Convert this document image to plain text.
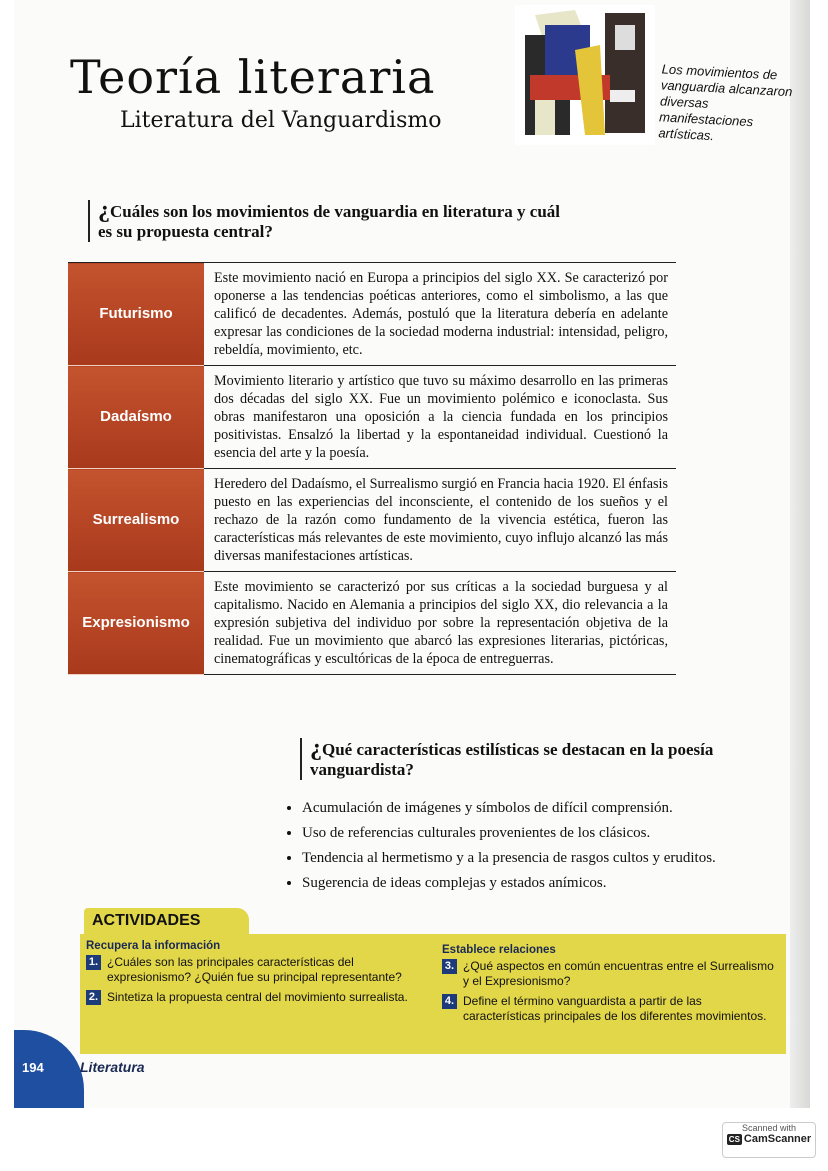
Teoría literaria
Literatura del Vanguardismo
Los movimientos de vanguardia alcanzaron diversas manifestaciones artísticas.
¿Cuáles son los movimientos de vanguardia en literatura y cuál es su propuesta central?
Futurismo	Este movimiento nació en Europa a principios del siglo XX. Se caracterizó por oponerse a las tendencias poéticas anteriores, como el simbolismo, a las que calificó de decadentes. Además, postuló que la literatura debería en adelante expresar las condiciones de la sociedad moderna industrial: intensidad, peligro, rebeldía, movimiento, etc.
Dadaísmo	Movimiento literario y artístico que tuvo su máximo desarrollo en las primeras dos décadas del siglo XX. Fue un movimiento polémico e iconoclasta. Sus obras manifestaron una oposición a la ciencia fundada en los principios positivistas. Ensalzó la libertad y la espontaneidad individual. Cuestionó la esencia del arte y la poesía.
Surrealismo	Heredero del Dadaísmo, el Surrealismo surgió en Francia hacia 1920. El énfasis puesto en las experiencias del inconsciente, el contenido de los sueños y el rechazo de la razón como fundamento de la vivencia estética, fueron las características más relevantes de este movimiento, cuyo influjo alcanzó las más diversas manifestaciones artísticas.
Expresionismo	Este movimiento se caracterizó por sus críticas a la sociedad burguesa y al capitalismo. Nacido en Alemania a principios del siglo XX, dio relevancia a la expresión subjetiva del individuo por sobre la representación objetiva de la realidad. Fue un movimiento que abarcó las expresiones literarias, pictóricas, cinematográficas y escultóricas de la época de entreguerras.
¿Qué características estilísticas se destacan en la poesía vanguardista?
• Acumulación de imágenes y símbolos de difícil comprensión.
• Uso de referencias culturales provenientes de los clásicos.
• Tendencia al hermetismo y a la presencia de rasgos cultos y eruditos.
• Sugerencia de ideas complejas y estados anímicos.
ACTIVIDADES
Recupera la información
1. ¿Cuáles son las principales características del expresionismo? ¿Quién fue su principal representante?
2. Sintetiza la propuesta central del movimiento surrealista.
Establece relaciones
3. ¿Qué aspectos en común encuentras entre el Surrealismo y el Expresionismo?
4. Define el término vanguardista a partir de las características principales de los diferentes movimientos.
194	Literatura
Scanned with
CS CamScanner
